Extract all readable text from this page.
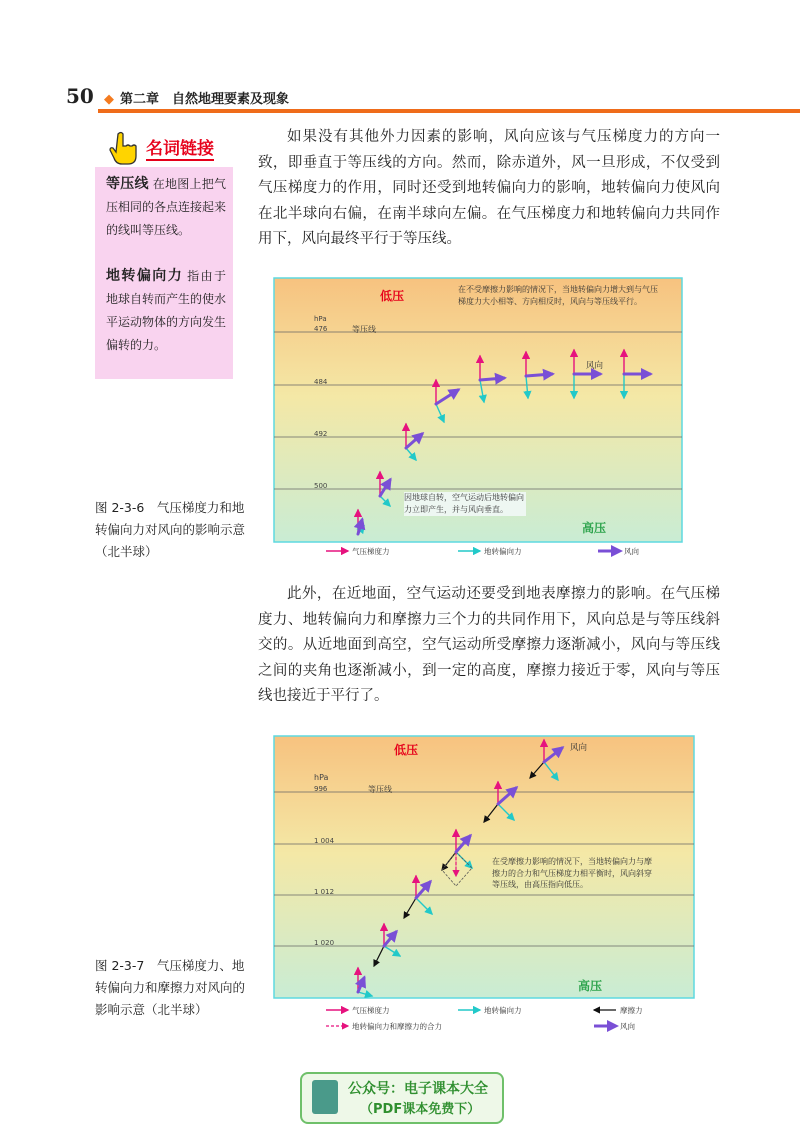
50 ◆ 第二章　自然地理要素及现象
名词链接
等压线 在地图上把气压相同的各点连接起来的线叫等压线。
地转偏向力 指由于地球自转而产生的使水平运动物体的方向发生偏转的力。
如果没有其他外力因素的影响，风向应该与气压梯度力的方向一致，即垂直于等压线的方向。然而，除赤道外，风一旦形成，不仅受到气压梯度力的作用，同时还受到地转偏向力的影响，地转偏向力使风向在北半球向右偏，在南半球向左偏。在气压梯度力和地转偏向力共同作用下，风向最终平行于等压线。
图 2-3-6　气压梯度力和地转偏向力对风向的影响示意（北半球）
低压
高压
hPa
476
484
492
500
等压线
风向
在不受摩擦力影响的情况下，当地转偏向力增大到与气压梯度力大小相等、方向相反时，风向与等压线平行。
因地球自转，空气运动后地转偏向力立即产生，并与风向垂直。
气压梯度力	地转偏向力	风向
此外，在近地面，空气运动还要受到地表摩擦力的影响。在气压梯度力、地转偏向力和摩擦力三个力的共同作用下，风向总是与等压线斜交的。从近地面到高空，空气运动所受摩擦力逐渐减小，风向与等压线之间的夹角也逐渐减小，到一定的高度，摩擦力接近于零，风向与等压线也接近于平行了。
图 2-3-7　气压梯度力、地转偏向力和摩擦力对风向的影响示意（北半球）
低压
高压
hPa
996
1 004
1 012
1 020
等压线
风向
在受摩擦力影响的情况下，当地转偏向力与摩擦力的合力和气压梯度力相平衡时，风向斜穿等压线，由高压指向低压。
气压梯度力	地转偏向力	摩擦力
地转偏向力和摩擦力的合力	风向
公众号：电子课本大全
（PDF课本免费下）
